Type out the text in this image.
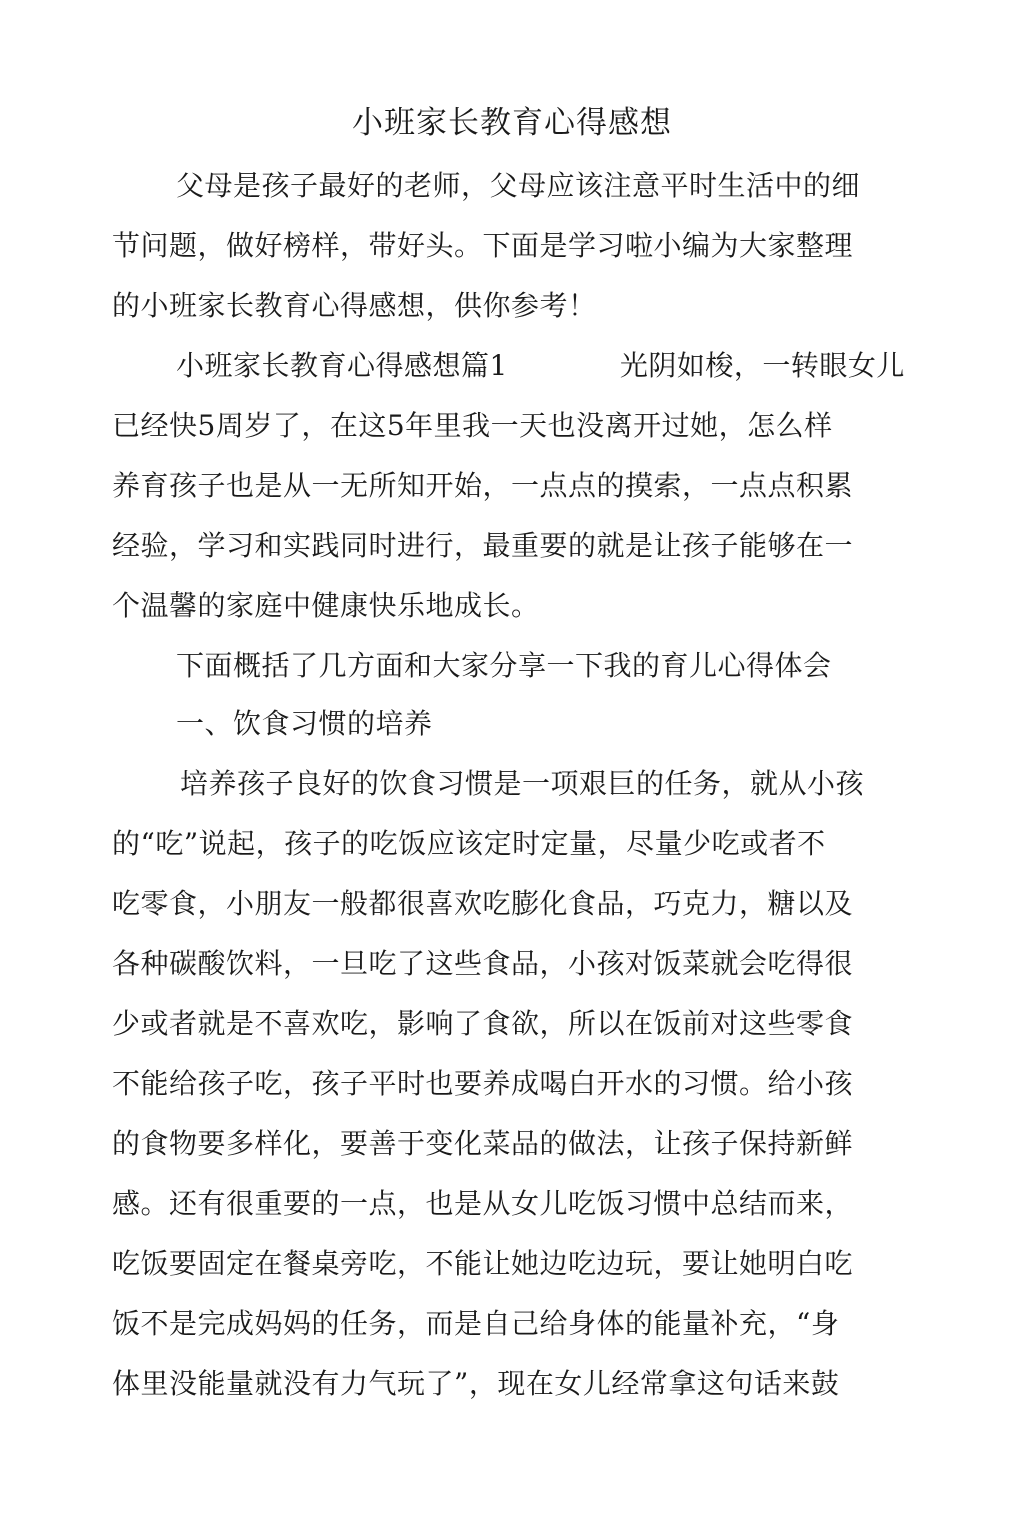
小班家长教育心得感想
父母是孩子最好的老师，父母应该注意平时生活中的细
节问题，做好榜样，带好头。下面是学习啦小编为大家整理
的小班家长教育心得感想，供你参考！
小班家长教育心得感想篇1	光阴如梭，一转眼女儿
已经快5周岁了，在这5年里我一天也没离开过她，怎么样
养育孩子也是从一无所知开始，一点点的摸索，一点点积累
经验，学习和实践同时进行，最重要的就是让孩子能够在一
个温馨的家庭中健康快乐地成长。
下面概括了几方面和大家分享一下我的育儿心得体会
一、饮食习惯的培养
培养孩子良好的饮食习惯是一项艰巨的任务，就从小孩
的“吃”说起，孩子的吃饭应该定时定量，尽量少吃或者不
吃零食，小朋友一般都很喜欢吃膨化食品，巧克力，糖以及
各种碳酸饮料，一旦吃了这些食品，小孩对饭菜就会吃得很
少或者就是不喜欢吃，影响了食欲，所以在饭前对这些零食
不能给孩子吃，孩子平时也要养成喝白开水的习惯。给小孩
的食物要多样化，要善于变化菜品的做法，让孩子保持新鲜
感。还有很重要的一点，也是从女儿吃饭习惯中总结而来，
吃饭要固定在餐桌旁吃，不能让她边吃边玩，要让她明白吃
饭不是完成妈妈的任务，而是自己给身体的能量补充，“身
体里没能量就没有力气玩了”，现在女儿经常拿这句话来鼓
